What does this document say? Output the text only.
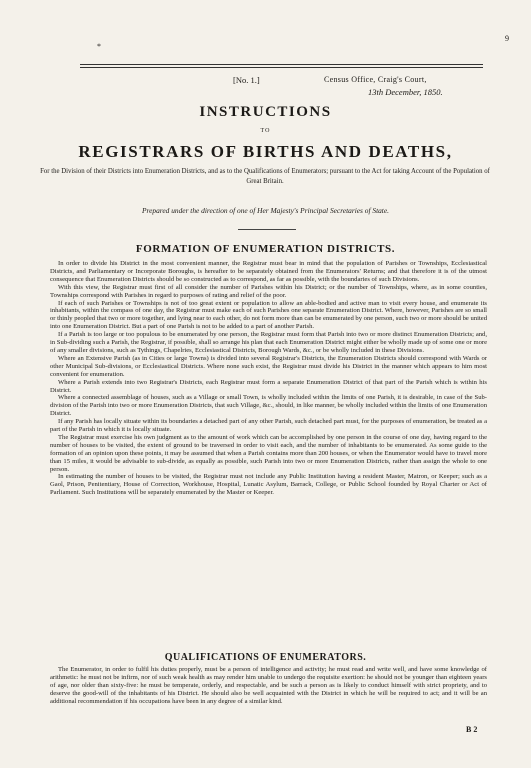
9
*
[No. 1.]	Census Office, Craig's Court,
13th December, 1850.
INSTRUCTIONS
TO
REGISTRARS OF BIRTHS AND DEATHS,
For the Division of their Districts into Enumeration Districts, and as to the Qualifications of Enumerators; pursuant to the Act for taking Account of the Population of Great Britain.
Prepared under the direction of one of Her Majesty's Principal Secretaries of State.
FORMATION OF ENUMERATION DISTRICTS.

In order to divide his District in the most convenient manner, the Registrar must bear in mind that the population of Parishes or Townships, Ecclesiastical Districts, and Parliamentary or Incorporate Boroughs, is hereafter to be separately obtained from the Enumerators' Returns; and that therefore it is of the utmost consequence that Enumeration Districts should be so constructed as to correspond, as far as possible, with the boundaries of such Divisions.

With this view, the Registrar must first of all consider the number of Parishes within his District; or the number of Townships, where, as in some counties, Townships correspond with Parishes in regard to purposes of rating and relief of the poor.

If each of such Parishes or Townships is not of too great extent or population to allow an able-bodied and active man to visit every house, and enumerate its inhabitants, within the compass of one day, the Registrar must make each of such Parishes one separate Enumeration District. Where, however, Parishes are so small or thinly peopled that two or more together, and lying near to each other, do not form more than can be enumerated by one person, such two or more should be united into one Enumeration District. But a part of one Parish is not to be added to a part of another Parish.

If a Parish is too large or too populous to be enumerated by one person, the Registrar must form that Parish into two or more distinct Enumeration Districts; and, in Sub-dividing such a Parish, the Registrar, if possible, shall so arrange his plan that each Enumeration District might either be wholly made up of some one or more of any smaller divisions, such as Tythings, Chapelries, Ecclesiastical Districts, Borough Wards, &c., or be wholly included in these Divisions.

Where an Extensive Parish (as in Cities or large Towns) is divided into several Registrar's Districts, the Enumeration Districts should correspond with Wards or other Municipal Sub-divisions, or Ecclesiastical Districts. Where none such exist, the Registrar must divide his District in the manner which appears to him most convenient for enumeration.

Where a Parish extends into two Registrar's Districts, each Registrar must form a separate Enumeration District of that part of the Parish which is within his District.

Where a connected assemblage of houses, such as a Village or small Town, is wholly included within the limits of one Parish, it is desirable, in case of the Sub-division of the Parish into two or more Enumeration Districts, that such Village, &c., should, in like manner, be wholly included within the limits of one Enumeration District.

If any Parish has locally situate within its boundaries a detached part of any other Parish, such detached part must, for the purposes of enumeration, be treated as a part of the Parish in which it is locally situate.

The Registrar must exercise his own judgment as to the amount of work which can be accomplished by one person in the course of one day, having regard to the number of houses to be visited, the extent of ground to be traversed in order to visit each, and the number of inhabitants to be enumerated. As some guide to the formation of an opinion upon these points, it may be assumed that when a Parish contains more than 200 houses, or when the Enumerator would have to travel more than 15 miles, it would be advisable to sub-divide, as equally as possible, such Parish into two or more Enumeration Districts, rather than assign the whole to one person.

In estimating the number of houses to be visited, the Registrar must not include any Public Institution having a resident Master, Matron, or Keeper; such as a Gaol, Prison, Penitentiary, House of Correction, Workhouse, Hospital, Lunatic Asylum, Barrack, College, or Public School founded by Royal Charter or Act of Parliament. Such Institutions will be separately enumerated by the Master or Keeper.

QUALIFICATIONS OF ENUMERATORS.

The Enumerator, in order to fulfil his duties properly, must be a person of intelligence and activity; he must read and write well, and have some knowledge of arithmetic: he must not be infirm, nor of such weak health as may render him unable to undergo the requisite exertion: he should not be younger than eighteen years of age, nor older than sixty-five: he must be temperate, orderly, and respectable, and be such a person as is likely to conduct himself with strict propriety, and to deserve the good-will of the inhabitants of his District. He should also be well acquainted with the District in which he will be required to act; and it will be an additional recommendation if his occupations have been in any degree of a similar kind.

B 2
